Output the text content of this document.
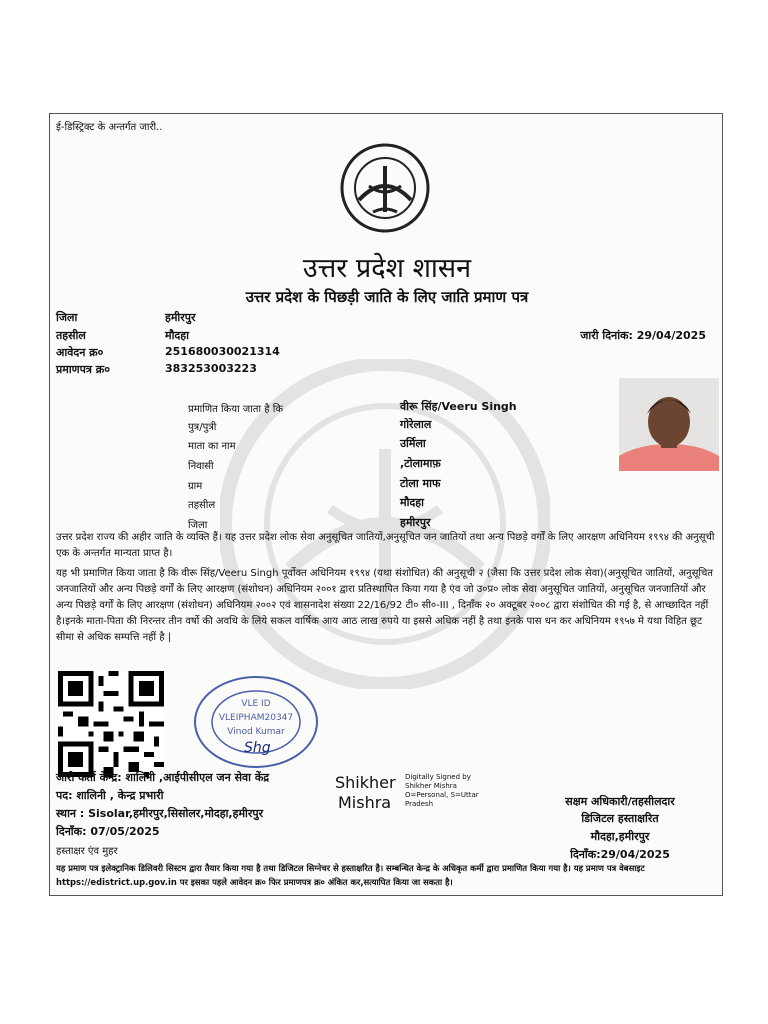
ई-डिस्ट्रिक्ट के अन्तर्गत जारी..
उत्तर प्रदेश शासन
उत्तर प्रदेश के पिछड़ी जाति के लिए जाति प्रमाण पत्र
जिला	हमीरपुर
तहसील	मौदहा
आवेदन क्र०	251680030021314
प्रमाणपत्र क्र०	383253003223
जारी दिनांक: 29/04/2025
प्रमाणित किया जाता है कि	वीरू सिंह/Veeru Singh
पुत्र/पुत्री	गोरेलाल
माता का नाम	उर्मिला
निवासी	,टोलामाफ़
ग्राम	टोला माफ
तहसील	मौदहा
जिला	हमीरपुर
उत्तर प्रदेश राज्य की अहीर जाति के व्यक्ति हैं। यह उत्तर प्रदेश लोक सेवा अनुसूचित जातियों,अनुसूचित जन जातियों तथा अन्य पिछड़े वर्गों के लिए आरक्षण अधिनियम १९९४ की अनुसूची एक के अन्तर्गत मान्यता प्राप्त है।
यह भी प्रमाणित किया जाता है कि वीरू सिंह/Veeru Singh पूर्वोक्त अधिनियम १९९४ (यथा संशोधित) की अनुसूची २ (जैसा कि उत्तर प्रदेश लोक सेवा)(अनुसूचित जातियों, अनुसूचित जनजातियों और अन्य पिछड़े वर्गों के लिए आरक्षण (संशोधन) अधिनियम २००१ द्वारा प्रतिस्थापित किया गया है एंव जो उ०प्र० लोक सेवा अनुसूचित जातियों, अनुसूचित जनजातियों और अन्य पिछड़े वर्गों के लिए आरक्षण (संशोधन) अधिनियम २००२ एवं शासनादेश संख्या 22/16/92 टी० सी०-III , दिनाँक २० अक्टूबर २००८ द्वारा संशोधित की गई है, से आच्छादित नहीं है।इनके माता-पिता की निरन्तर तीन वर्षो की अवधि के लिये सकल वार्षिक आय आठ लाख रुपये या इससे अधिक नहीं है तथा इनके पास धन कर अधिनियम १९५७ मे यथा विहित छूट सीमा से अधिक सम्पत्ति नहीं है |
VLE ID
VLEIPHAM20347
Vinod Kumar
Shg
जारी कर्ता केन्द्र: शालिनी ,आईपीसीएल जन सेवा केंद्र
पद: शालिनी , केन्द्र प्रभारी
स्थान : Sisolar,हमीरपुर,सिसोलर,मोदहा,हमीरपुर
दिनाँक: 07/05/2025
हस्ताक्षर एंव मुहर
Shikher
Mishra
Digitally Signed by
Shikher Mishra
O=Personal, S=Uttar
Pradesh	सक्षम अधिकारी/तहसीलदार
डिजिटल हस्ताक्षरित
मौदहा,हमीरपुर
दिनाँक:29/04/2025
यह प्रमाण पत्र इलेक्ट्रानिक डिलिवरी सिस्टम द्वारा तैयार किया गया है तथा डिजिटल सिग्नेचर से हस्ताक्षरित है। सम्बन्धित केन्द्र के अधिकृत कर्मी द्वारा प्रमाणित किया गया है। यह प्रमाण पत्र वेबसाइट https://edistrict.up.gov.in पर इसका पहले आवेदन क्र० फिर प्रमाणपत्र क्र० अंकित कर,सत्यापित किया जा सकता है।
